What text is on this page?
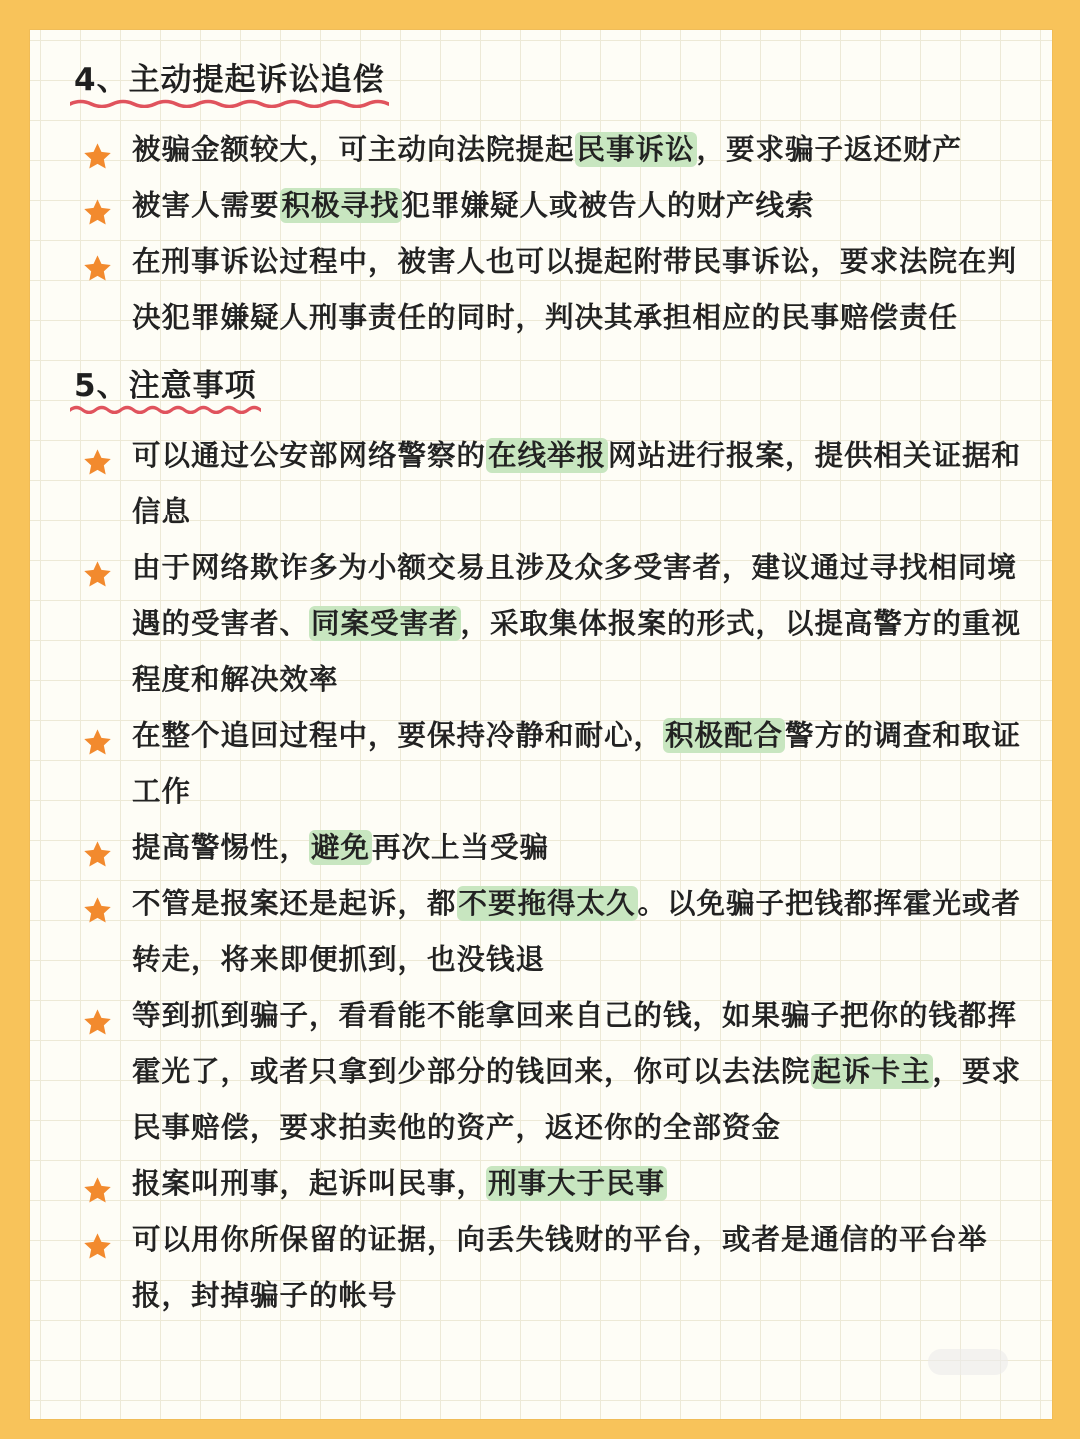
4、主动提起诉讼追偿
被骗金额较大，可主动向法院提起民事诉讼，要求骗子返还财产
被害人需要积极寻找犯罪嫌疑人或被告人的财产线索
在刑事诉讼过程中，被害人也可以提起附带民事诉讼，要求法院在判决犯罪嫌疑人刑事责任的同时，判决其承担相应的民事赔偿责任
5、注意事项
可以通过公安部网络警察的在线举报网站进行报案，提供相关证据和信息
由于网络欺诈多为小额交易且涉及众多受害者，建议通过寻找相同境遇的受害者、同案受害者，采取集体报案的形式，以提高警方的重视程度和解决效率
在整个追回过程中，要保持冷静和耐心，积极配合警方的调查和取证工作
提高警惕性，避免再次上当受骗
不管是报案还是起诉，都不要拖得太久。以免骗子把钱都挥霍光或者转走，将来即便抓到，也没钱退
等到抓到骗子，看看能不能拿回来自己的钱，如果骗子把你的钱都挥霍光了，或者只拿到少部分的钱回来，你可以去法院起诉卡主，要求民事赔偿，要求拍卖他的资产，返还你的全部资金
报案叫刑事，起诉叫民事，刑事大于民事
可以用你所保留的证据，向丢失钱财的平台，或者是通信的平台举报，封掉骗子的帐号
